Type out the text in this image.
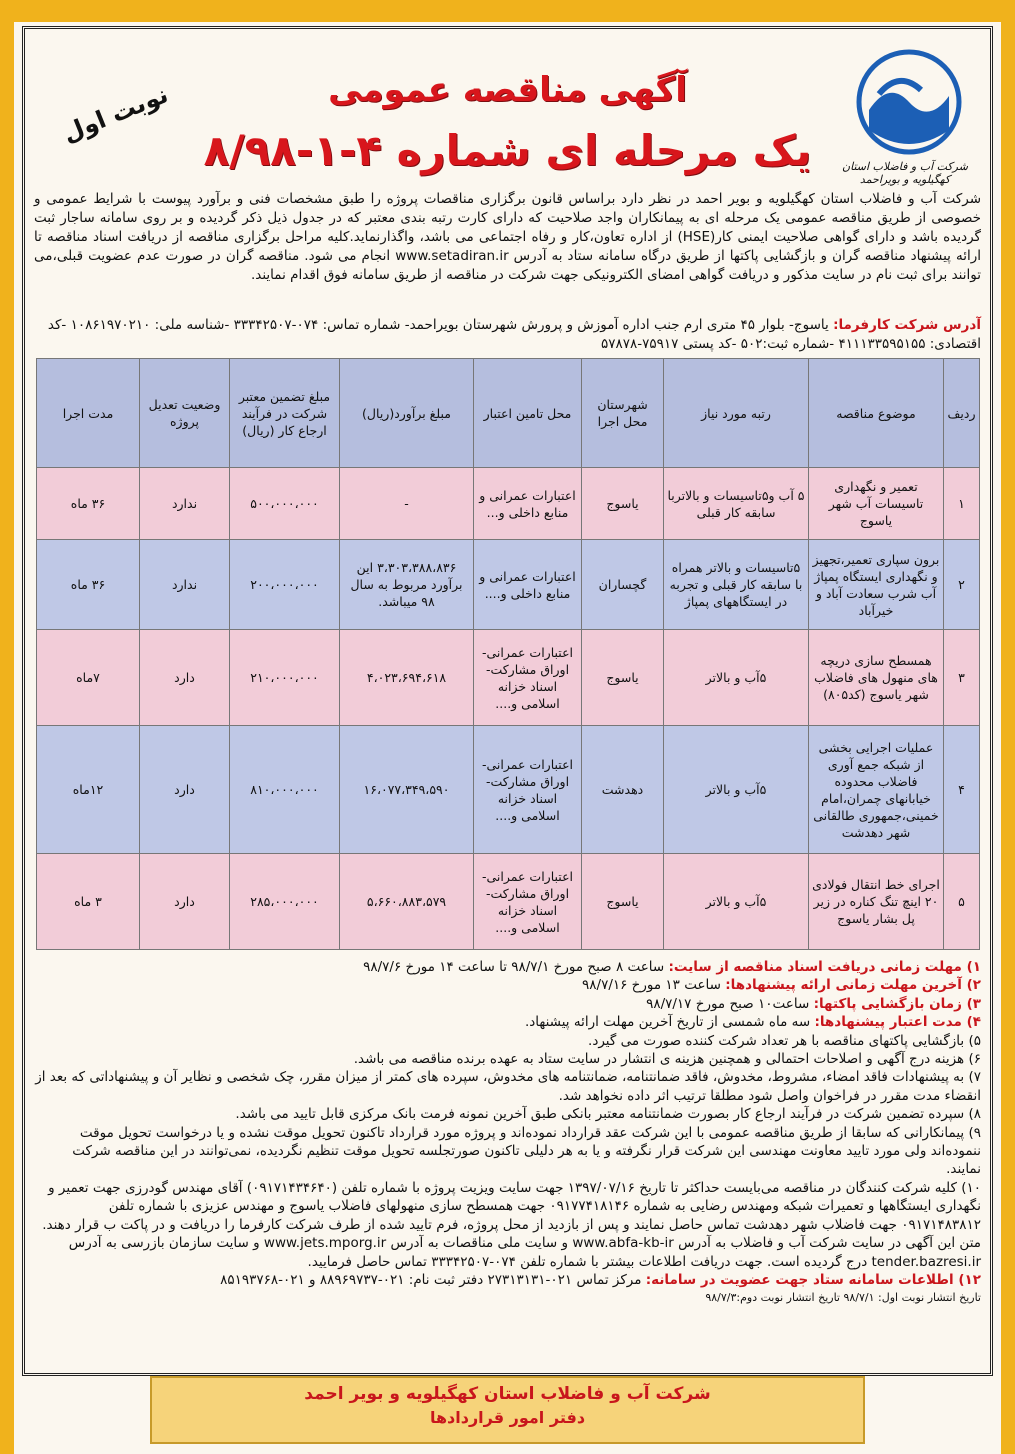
شرکت آب و فاضلاب استان کهگیلویه و بویراحمد
آگهی مناقصه عمومی
یک مرحله ای شماره ۴-۱-۸/۹۸
نوبت اول
شرکت آب و فاضلاب استان کهگیلویه و بویر احمد در نظر دارد براساس قانون برگزاری مناقصات پروژه را طبق مشخصات فنی و برآورد پیوست با شرایط عمومی و خصوصی از طریق مناقصه عمومی یک مرحله ای به پیمانکاران واجد صلاحیت که دارای کارت رتبه بندی معتبر که در جدول ذیل ذکر گردیده و بر روی سامانه ساجار ثبت گردیده باشد و دارای گواهی صلاحیت ایمنی کار(HSE) از اداره تعاون،کار و رفاه اجتماعی می باشد، واگذارنماید.کلیه مراحل برگزاری مناقصه از دریافت اسناد مناقصه تا ارائه پیشنهاد مناقصه گران و بازگشایی پاکتها از طریق درگاه سامانه ستاد به آدرس www.setadiran.ir انجام می شود. مناقصه گران در صورت عدم عضویت قبلی،می توانند برای ثبت نام در سایت مذکور و دریافت گواهی امضای الکترونیکی جهت شرکت در مناقصه از طریق سامانه فوق اقدام نمایند.
آدرس شرکت کارفرما: یاسوج- بلوار ۴۵ متری ارم جنب اداره آموزش و پرورش شهرستان بویراحمد- شماره تماس: ۰۷۴-۳۳۳۴۲۵۰۷ -شناسه ملی: ۱۰۸۶۱۹۷۰۲۱۰ -کد اقتصادی: ۴۱۱۱۳۳۵۹۵۱۵۵ -شماره ثبت:۵۰۲ -کد پستی ۷۵۹۱۷-۵۷۸۷۸
ردیف	موضوع مناقصه	رتبه مورد نیاز	شهرستان محل اجرا	محل تامین اعتبار	مبلغ برآورد(ریال)	مبلغ تضمین معتبر شرکت در فرآیند ارجاع کار (ریال)	وضعیت تعدیل پروژه	مدت اجرا
۱	تعمیر و نگهداری تاسیسات آب شهر یاسوج	۵ آب و۵تاسیسات و بالاتربا سابقه کار قبلی	یاسوج	اعتبارات عمرانی و منابع داخلی و...	-	۵۰۰،۰۰۰،۰۰۰	ندارد	۳۶ ماه
۲	برون سپاری تعمیر،تجهیز و نگهداری ایستگاه پمپاژ آب شرب سعادت آباد و خیرآباد	۵تاسیسات و بالاتر همراه با سابقه کار قبلی و تجربه در ایستگاههای پمپاژ	گچساران	اعتبارات عمرانی و منابع داخلی و....	۳،۳۰۳،۳۸۸،۸۳۶ این برآورد مربوط به سال ۹۸ میباشد.	۲۰۰،۰۰۰،۰۰۰	ندارد	۳۶ ماه
۳	همسطح سازی دریچه های منهول های فاضلاب شهر یاسوج (کد۸۰۵)	۵آب و بالاتر	یاسوج	اعتبارات عمرانی- اوراق مشارکت- اسناد خزانه اسلامی و....	۴،۰۲۳،۶۹۴،۶۱۸	۲۱۰،۰۰۰،۰۰۰	دارد	۷ماه
۴	عملیات اجرایی بخشی از شبکه جمع آوری فاضلاب محدوده خیابانهای چمران،امام خمینی،جمهوری طالقانی شهر دهدشت	۵آب و بالاتر	دهدشت	اعتبارات عمرانی- اوراق مشارکت- اسناد خزانه اسلامی و....	۱۶،۰۷۷،۳۴۹،۵۹۰	۸۱۰،۰۰۰،۰۰۰	دارد	۱۲ماه
۵	اجرای خط انتقال فولادی ۲۰ اینچ تنگ کناره در زیر پل بشار یاسوج	۵آب و بالاتر	یاسوج	اعتبارات عمرانی- اوراق مشارکت- اسناد خزانه اسلامی و....	۵،۶۶۰،۸۸۳،۵۷۹	۲۸۵،۰۰۰،۰۰۰	دارد	۳ ماه

۱) مهلت زمانی دریافت اسناد مناقصه از سایت: ساعت ۸ صبح مورخ ۹۸/۷/۱ تا ساعت ۱۴ مورخ ۹۸/۷/۶

۲) آخرین مهلت زمانی ارائه پیشنهادها: ساعت ۱۳ مورخ ۹۸/۷/۱۶

۳) زمان بازگشایی پاکتها: ساعت۱۰ صبح مورخ ۹۸/۷/۱۷

۴) مدت اعتبار پیشنهادها: سه ماه شمسی از تاریخ آخرین مهلت ارائه پیشنهاد.

۵) بازگشایی پاکتهای مناقصه با هر تعداد شرکت کننده صورت می گیرد.

۶) هزینه درج آگهی و اصلاحات احتمالی و همچنین هزینه ی انتشار در سایت ستاد به عهده برنده مناقصه می باشد.

۷) به پیشنهادات فاقد امضاء، مشروط، مخدوش، فاقد ضمانتنامه، ضمانتنامه های مخدوش، سپرده های کمتر از میزان مقرر، چک شخصی و نظایر آن و پیشنهاداتی که بعد از انقضاء مدت مقرر در فراخوان واصل شود مطلقا ترتیب اثر داده نخواهد شد.

۸) سپرده تضمین شرکت در فرآیند ارجاع کار بصورت ضمانتنامه معتبر بانکی طبق آخرین نمونه فرمت بانک مرکزی قابل تایید می باشد.

۹) پیمانکارانی که سابقا از طریق مناقصه عمومی با این شرکت عقد قرارداد نموده‌اند و پروژه مورد قرارداد تاکنون تحویل موقت نشده و یا درخواست تحویل موقت ننموده‌اند ولی مورد تایید معاونت مهندسی این شرکت قرار نگرفته و یا به هر دلیلی تاکنون صورتجلسه تحویل موقت تنظیم نگردیده، نمی‌توانند در این مناقصه شرکت نمایند.

۱۰) کلیه شرکت کنندگان در مناقصه می‌بایست حداکثر تا تاریخ ۱۳۹۷/۰۷/۱۶ جهت سایت ویزیت پروژه با شماره تلفن (۰۹۱۷۱۴۳۴۶۴۰) آقای مهندس گودرزی جهت تعمیر و نگهداری ایستگاهها و تعمیرات شبکه ومهندس رضایی به شماره ۰۹۱۷۷۴۱۸۱۴۶ جهت همسطح سازی منهولهای فاضلاب یاسوج و مهندس عزیزی با شماره تلفن ۰۹۱۷۱۴۸۳۸۱۲ جهت فاضلاب شهر دهدشت تماس حاصل نمایند و پس از بازدید از محل پروژه، فرم تایید شده از طرف شرکت کارفرما را دریافت و در پاکت ب قرار دهند.

متن این آگهی در سایت شرکت آب و فاضلاب به آدرس www.abfa-kb-ir و سایت ملی مناقصات به آدرس www.jets.mporg.ir و سایت سازمان بازرسی به آدرس tender.bazresi.ir درج گردیده است. جهت دریافت اطلاعات بیشتر با شماره تلفن ۰۷۴-۳۳۳۴۲۵۰۷ تماس حاصل فرمایید.

۱۲) اطلاعات سامانه ستاد جهت عضویت در سامانه: مرکز تماس ۰۲۱-۲۷۳۱۳۱۳۱ دفتر ثبت نام: ۰۲۱-۸۸۹۶۹۷۳۷ و ۰۲۱-۸۵۱۹۳۷۶۸

تاریخ انتشار نوبت اول: ۹۸/۷/۱ تاریخ انتشار نوبت دوم:۹۸/۷/۳

شرکت آب و فاضلاب استان کهگیلویه و بویر احمد
دفتر امور قراردادها
